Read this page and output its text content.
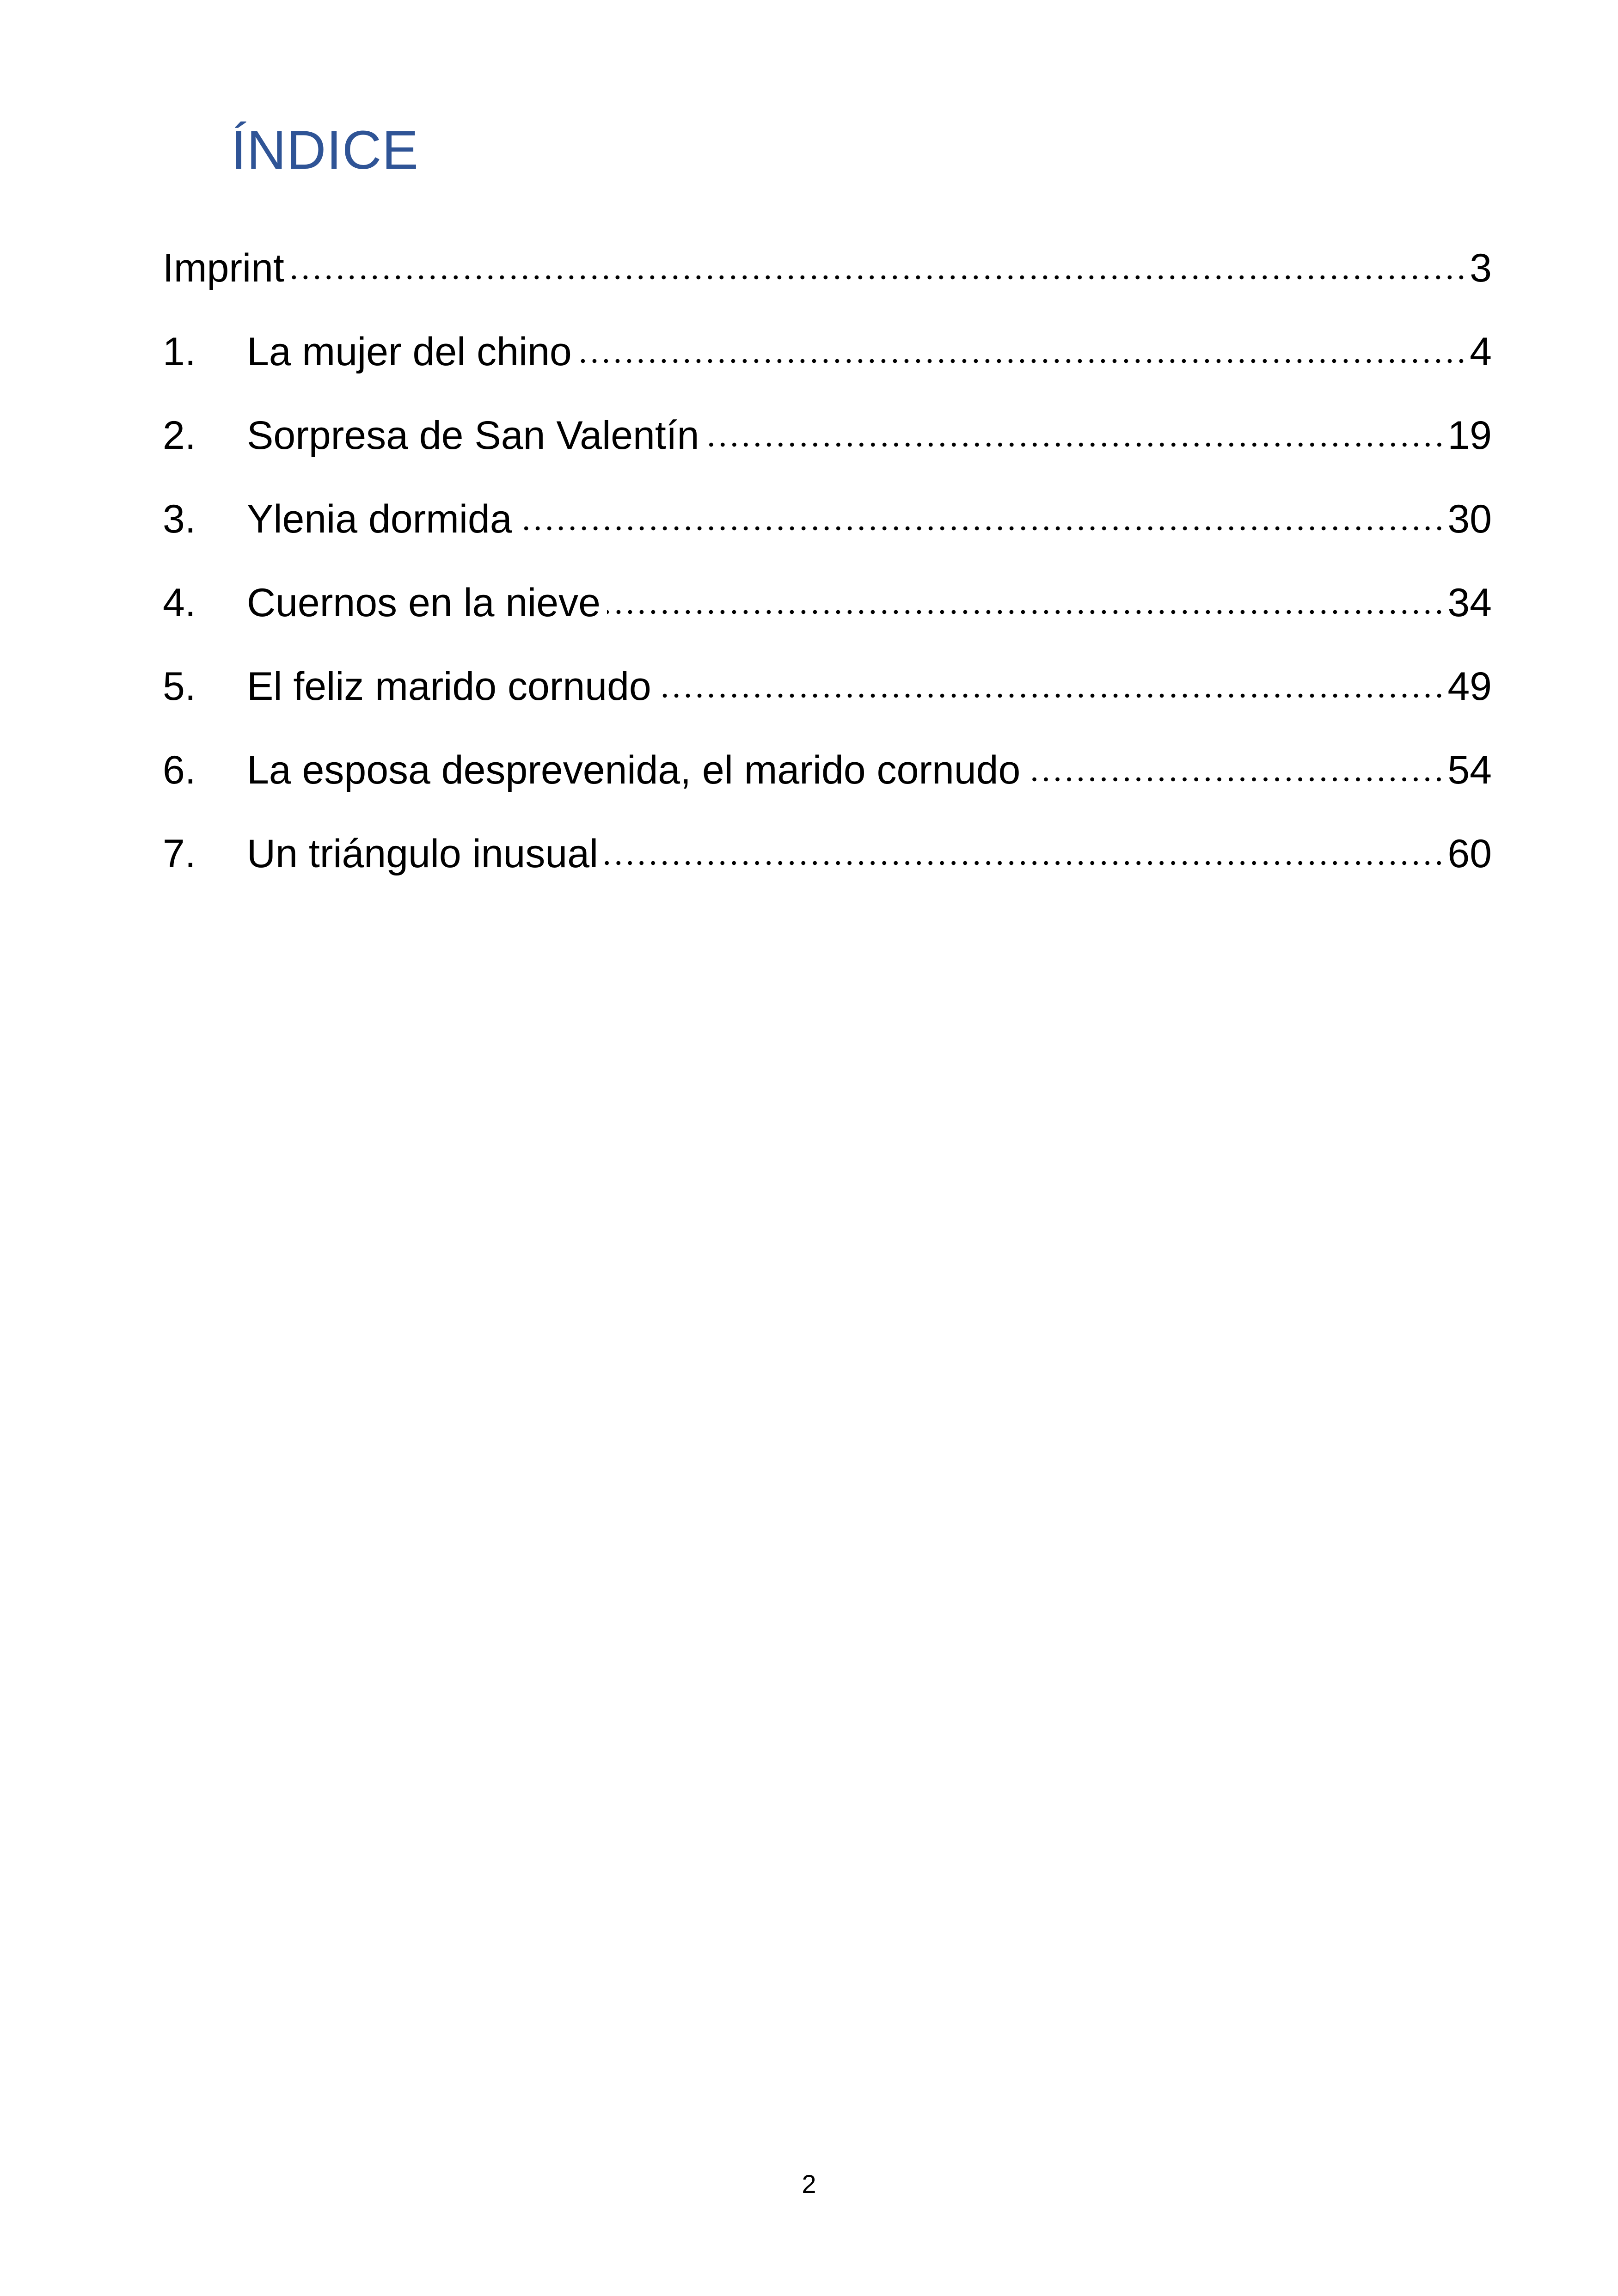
ÍNDICE
Imprint	3
1.	La mujer del chino	4
2.	Sorpresa de San Valentín	19
3.	Ylenia dormida	30
4.	Cuernos en la nieve	34
5.	El feliz marido cornudo	49
6.	La esposa desprevenida, el marido cornudo	54
7.	Un triángulo inusual	60
2
